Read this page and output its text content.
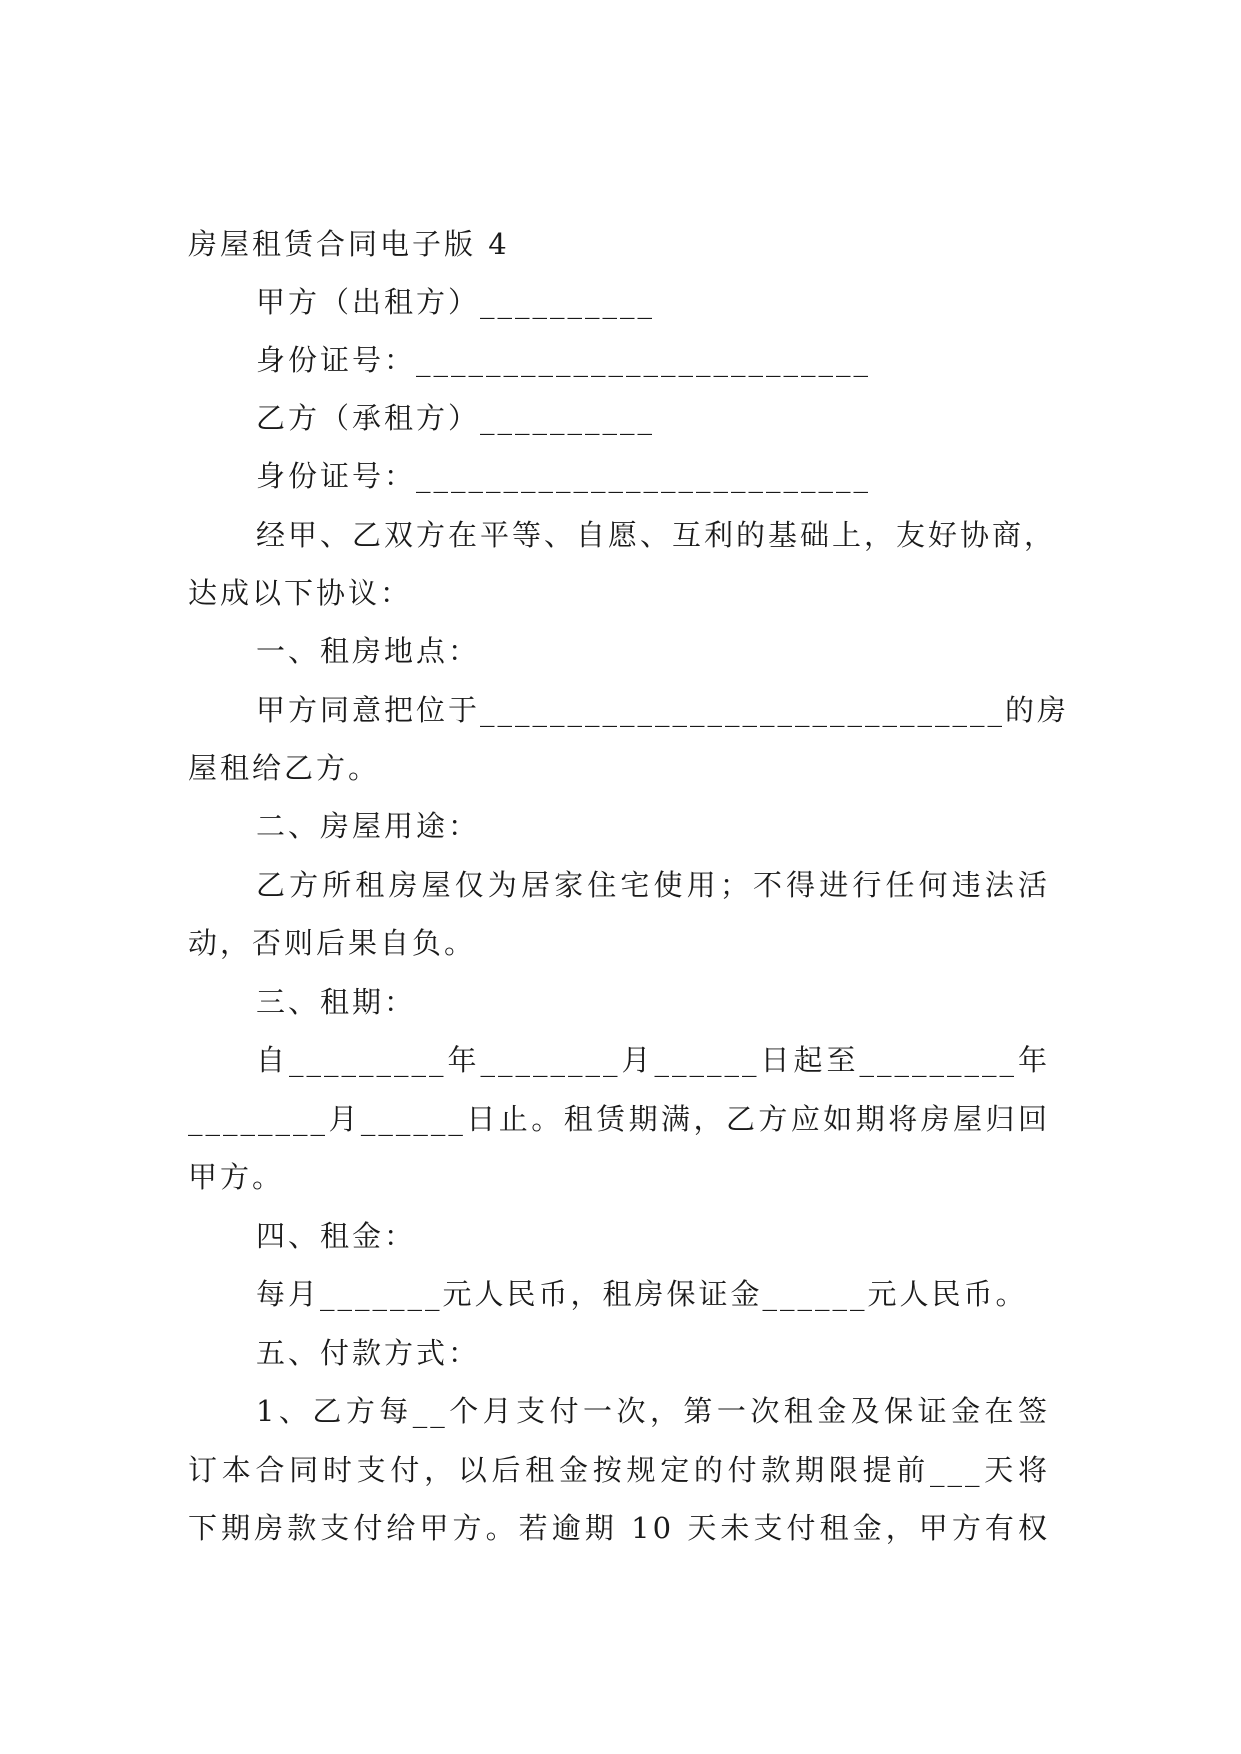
房屋租赁合同电子版 4
甲方（出租方）__________
身份证号：__________________________
乙方（承租方）__________
身份证号：__________________________
经甲、乙双方在平等、自愿、互利的基础上，友好协商，
达成以下协议：
一、租房地点：
甲方同意把位于______________________________的房
屋租给乙方。
二、房屋用途：
乙方所租房屋仅为居家住宅使用；不得进行任何违法活
动，否则后果自负。
三、租期：
自_________年________月______日起至_________年
________月______日止。租赁期满，乙方应如期将房屋归回
甲方。
四、租金：
每月_______元人民币，租房保证金______元人民币。
五、付款方式：
1、乙方每__个月支付一次，第一次租金及保证金在签
订本合同时支付，以后租金按规定的付款期限提前___天将
下期房款支付给甲方。若逾期 10 天未支付租金，甲方有权
